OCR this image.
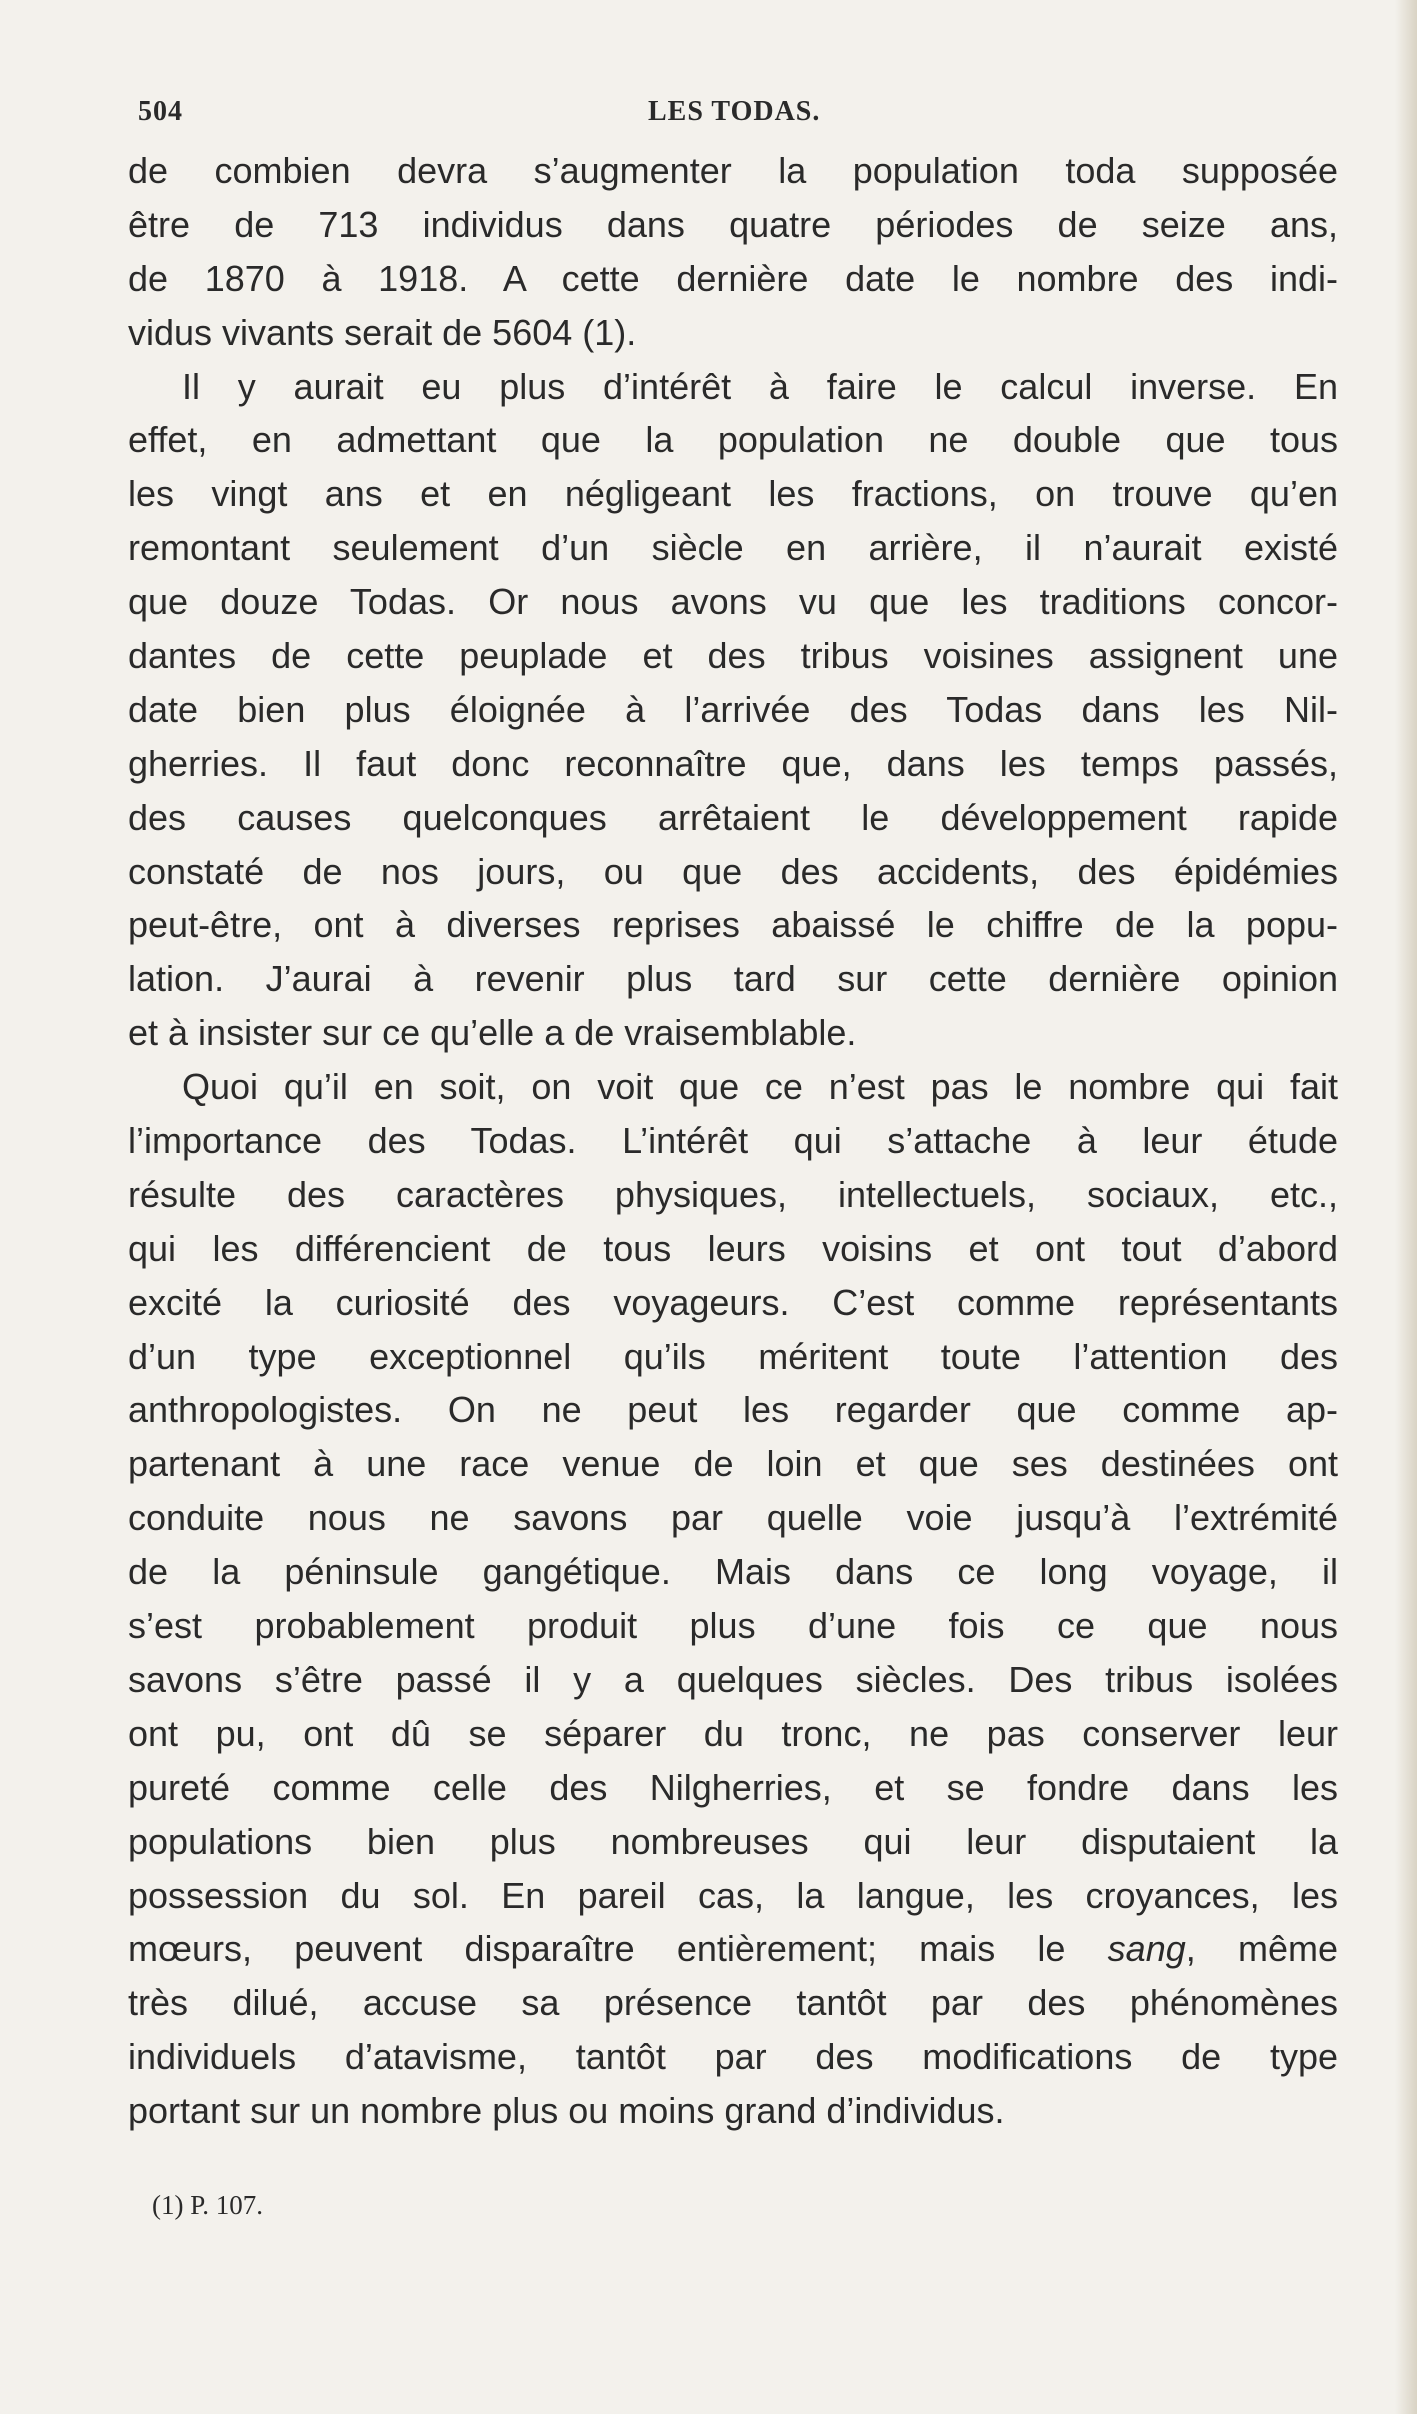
504	LES TODAS.
de combien devra s’augmenter la population toda supposée
être de 713 individus dans quatre périodes de seize ans,
de 1870 à 1918. A cette dernière date le nombre des indi-
vidus vivants serait de 5604 (1).
Il y aurait eu plus d’intérêt à faire le calcul inverse. En
effet, en admettant que la population ne double que tous
les vingt ans et en négligeant les fractions, on trouve qu’en
remontant seulement d’un siècle en arrière, il n’aurait existé
que douze Todas. Or nous avons vu que les traditions concor-
dantes de cette peuplade et des tribus voisines assignent une
date bien plus éloignée à l’arrivée des Todas dans les Nil-
gherries. Il faut donc reconnaître que, dans les temps passés,
des causes quelconques arrêtaient le développement rapide
constaté de nos jours, ou que des accidents, des épidémies
peut-être, ont à diverses reprises abaissé le chiffre de la popu-
lation. J’aurai à revenir plus tard sur cette dernière opinion
et à insister sur ce qu’elle a de vraisemblable.
Quoi qu’il en soit, on voit que ce n’est pas le nombre qui fait
l’importance des Todas. L’intérêt qui s’attache à leur étude
résulte des caractères physiques, intellectuels, sociaux, etc.,
qui les différencient de tous leurs voisins et ont tout d’abord
excité la curiosité des voyageurs. C’est comme représentants
d’un type exceptionnel qu’ils méritent toute l’attention des
anthropologistes. On ne peut les regarder que comme ap-
partenant à une race venue de loin et que ses destinées ont
conduite nous ne savons par quelle voie jusqu’à l’extrémité
de la péninsule gangétique. Mais dans ce long voyage, il
s’est probablement produit plus d’une fois ce que nous
savons s’être passé il y a quelques siècles. Des tribus isolées
ont pu, ont dû se séparer du tronc, ne pas conserver leur
pureté comme celle des Nilgherries, et se fondre dans les
populations bien plus nombreuses qui leur disputaient la
possession du sol. En pareil cas, la langue, les croyances, les
mœurs, peuvent disparaître entièrement; mais le sang, même
très dilué, accuse sa présence tantôt par des phénomènes
individuels d’atavisme, tantôt par des modifications de type
portant sur un nombre plus ou moins grand d’individus.
(1) P. 107.
